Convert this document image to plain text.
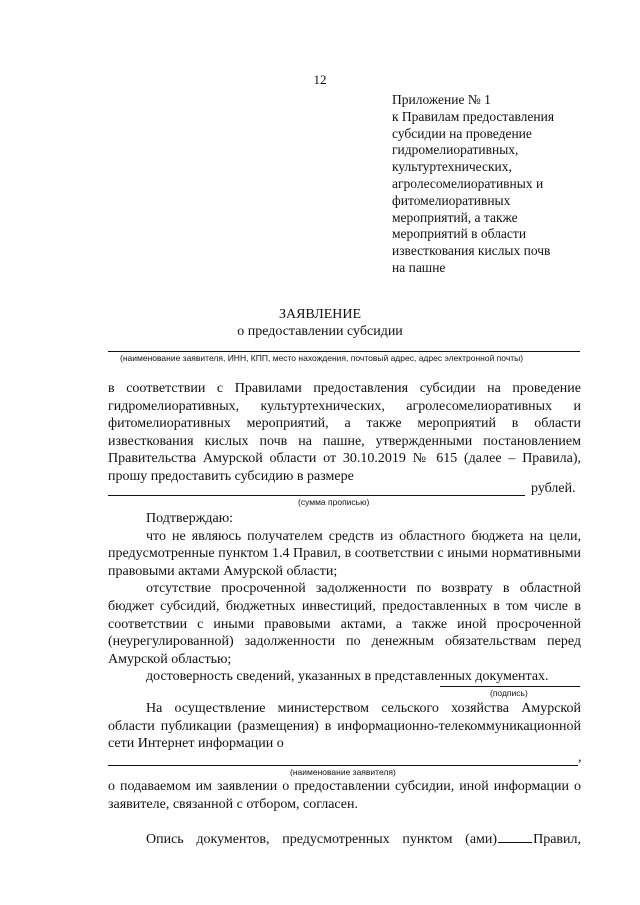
12
Приложение № 1
к Правилам предоставления
субсидии на проведение
гидромелиоративных,
культуртехнических,
агролесомелиоративных и
фитомелиоративных
мероприятий, а также
мероприятий в области
известкования кислых почв
на пашне
ЗАЯВЛЕНИЕ
о предоставлении субсидии
(наименование заявителя, ИНН, КПП, место нахождения, почтовый адрес, адрес электронной почты)
в соответствии с Правилами предоставления субсидии на проведение
гидромелиоративных, культуртехнических, агролесомелиоративных и
фитомелиоративных мероприятий, а также мероприятий в области
известкования кислых почв на пашне, утвержденными постановлением
Правительства Амурской области от 30.10.2019 № 615 (далее – Правила),
прошу предоставить субсидию в размере
рублей.
(сумма прописью)
Подтверждаю:
что не являюсь получателем средств из областного бюджета на цели,
предусмотренные пунктом 1.4 Правил, в соответствии с иными нормативными
правовыми актами Амурской области;
отсутствие просроченной задолженности по возврату в областной
бюджет субсидий, бюджетных инвестиций, предоставленных в том числе в
соответствии с иными правовыми актами, а также иной просроченной
(неурегулированной) задолженности по денежным обязательствам перед
Амурской областью;
достоверность сведений, указанных в представленных документах.
(подпись)
На осуществление министерством сельского хозяйства Амурской
области публикации (размещения) в информационно-телекоммуникационной
сети Интернет информации о
,
(наименование заявителя)
о подаваемом им заявлении о предоставлении субсидии, иной информации о
заявителе, связанной с отбором, согласен.
Опись документов, предусмотренных пунктом (ами)	Правил,
